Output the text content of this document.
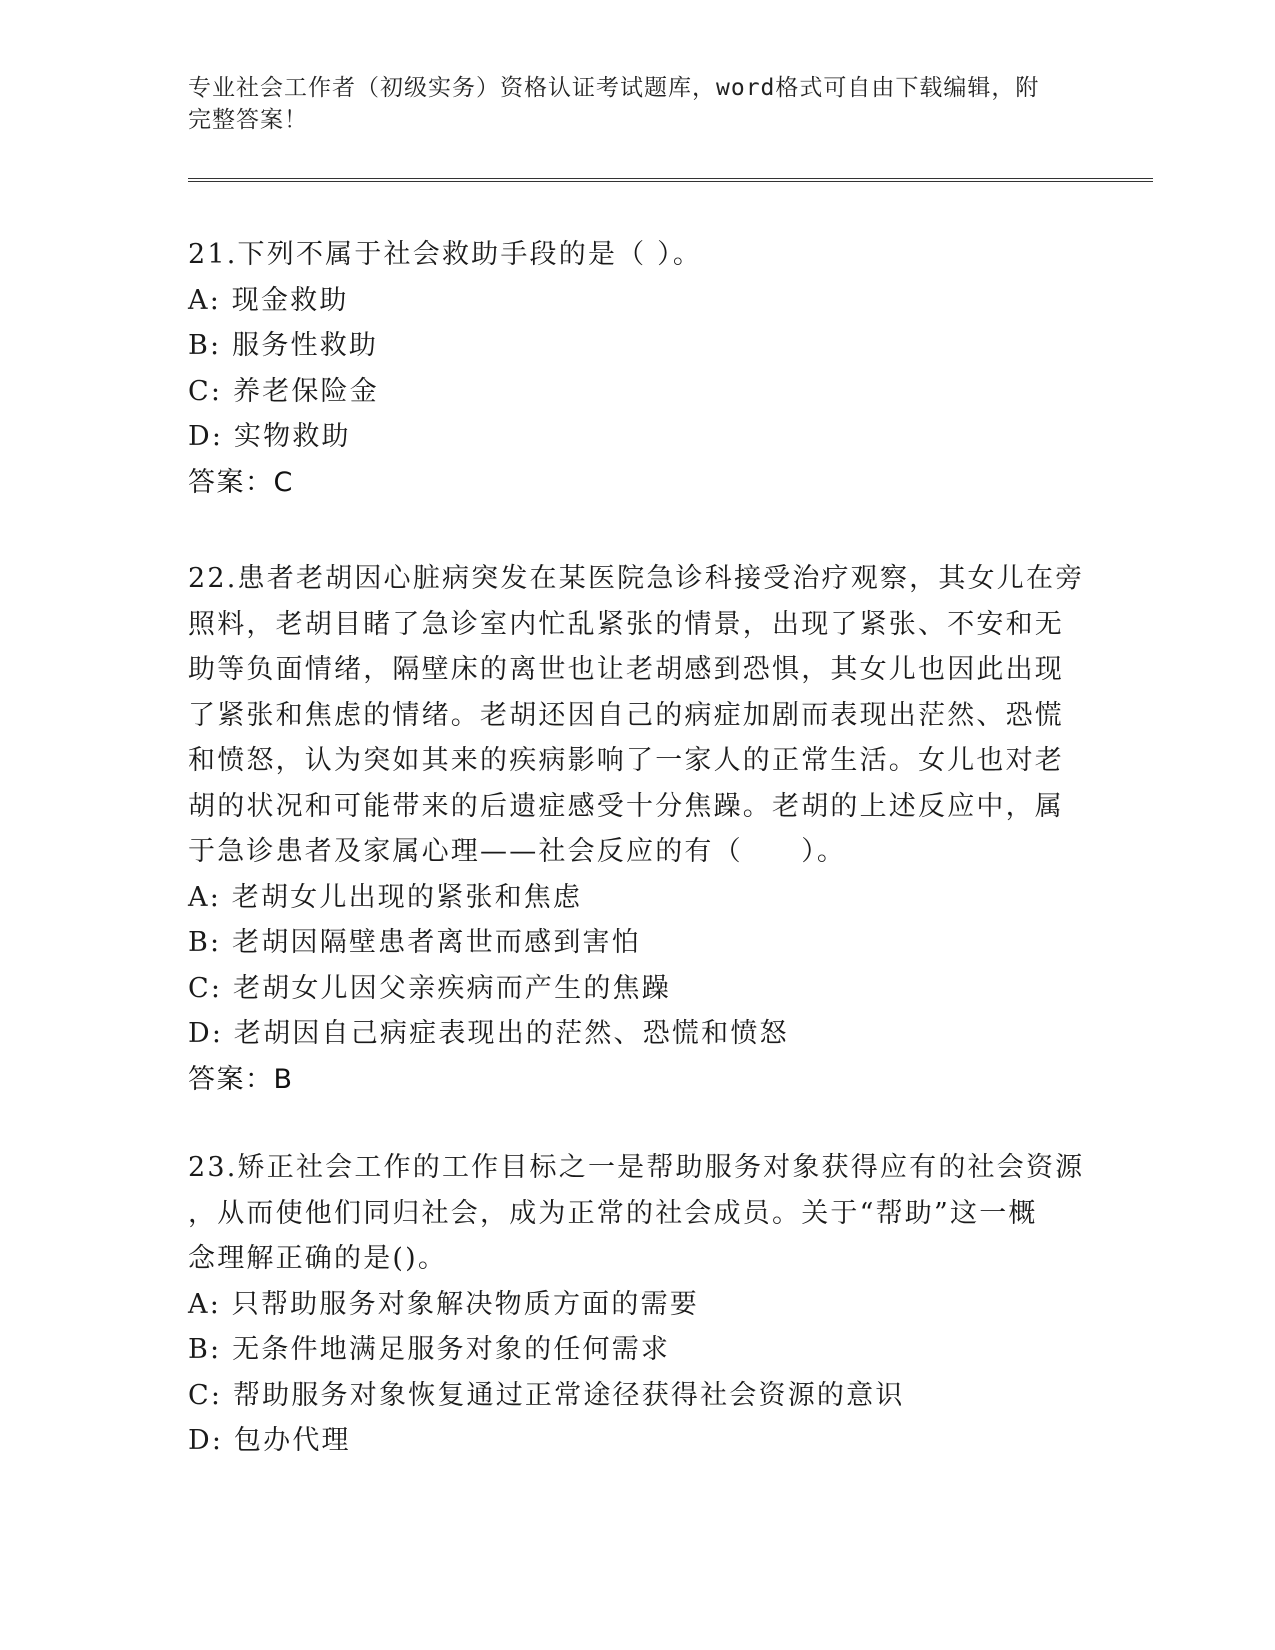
专业社会工作者（初级实务）资格认证考试题库，word格式可自由下载编辑，附
完整答案！

21.下列不属于社会救助手段的是（ ）。

A: 现金救助

B: 服务性救助

C: 养老保险金

D: 实物救助

答案：C

22.患者老胡因心脏病突发在某医院急诊科接受治疗观察，其女儿在旁

照料，老胡目睹了急诊室内忙乱紧张的情景，出现了紧张、不安和无

助等负面情绪，隔壁床的离世也让老胡感到恐惧，其女儿也因此出现

了紧张和焦虑的情绪。老胡还因自己的病症加剧而表现出茫然、恐慌

和愤怒，认为突如其来的疾病影响了一家人的正常生活。女儿也对老

胡的状况和可能带来的后遗症感受十分焦躁。老胡的上述反应中，属

于急诊患者及家属心理——社会反应的有（　　）。

A: 老胡女儿出现的紧张和焦虑

B: 老胡因隔壁患者离世而感到害怕

C: 老胡女儿因父亲疾病而产生的焦躁

D: 老胡因自己病症表现出的茫然、恐慌和愤怒

答案：B

23.矫正社会工作的工作目标之一是帮助服务对象获得应有的社会资源

，从而使他们同归社会，成为正常的社会成员。关于“帮助”这一概

念理解正确的是()。

A: 只帮助服务对象解决物质方面的需要

B: 无条件地满足服务对象的任何需求

C: 帮助服务对象恢复通过正常途径获得社会资源的意识

D: 包办代理
